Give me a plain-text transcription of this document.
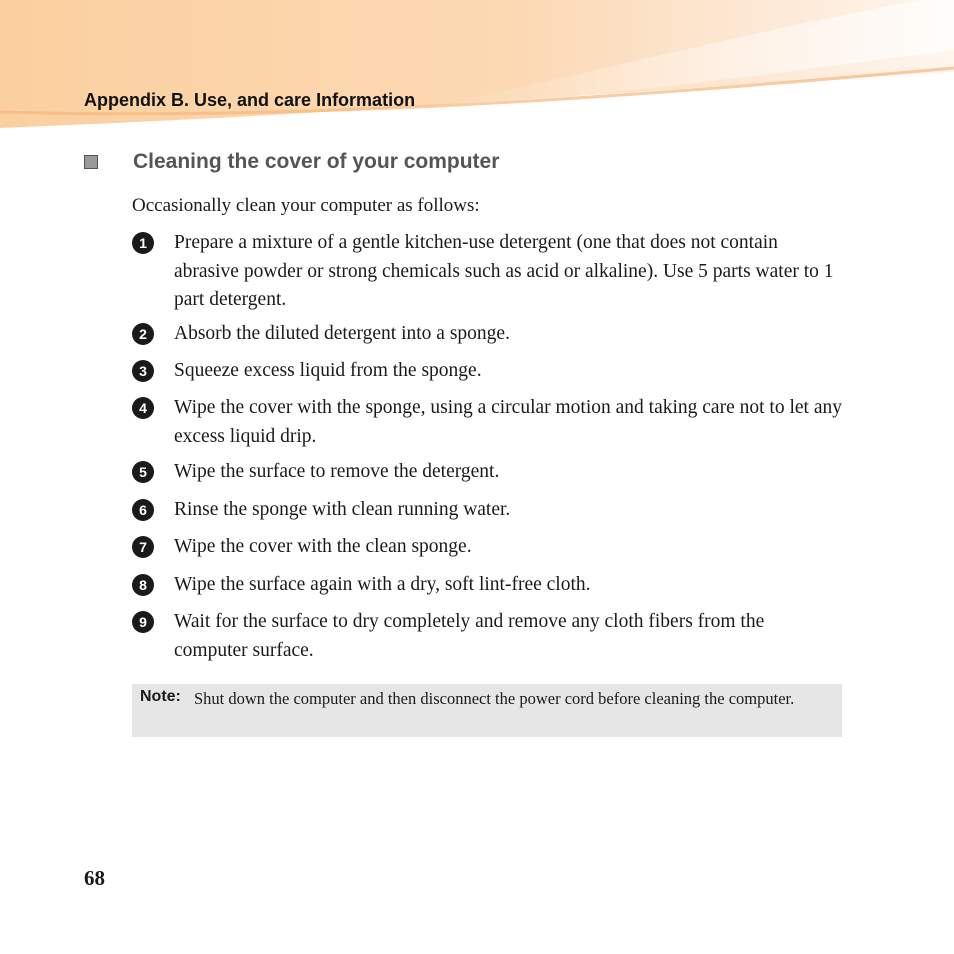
Appendix B. Use, and care Information
Cleaning the cover of your computer
Occasionally clean your computer as follows:
1	Prepare a mixture of a gentle kitchen-use detergent (one that does not contain abrasive powder or strong chemicals such as acid or alkaline). Use 5 parts water to 1 part detergent.
2	Absorb the diluted detergent into a sponge.
3	Squeeze excess liquid from the sponge.
4	Wipe the cover with the sponge, using a circular motion and taking care not to let any excess liquid drip.
5	Wipe the surface to remove the detergent.
6	Rinse the sponge with clean running water.
7	Wipe the cover with the clean sponge.
8	Wipe the surface again with a dry, soft lint-free cloth.
9	Wait for the surface to dry completely and remove any cloth fibers from the computer surface.
Note: Shut down the computer and then disconnect the power cord before cleaning the computer.
68
